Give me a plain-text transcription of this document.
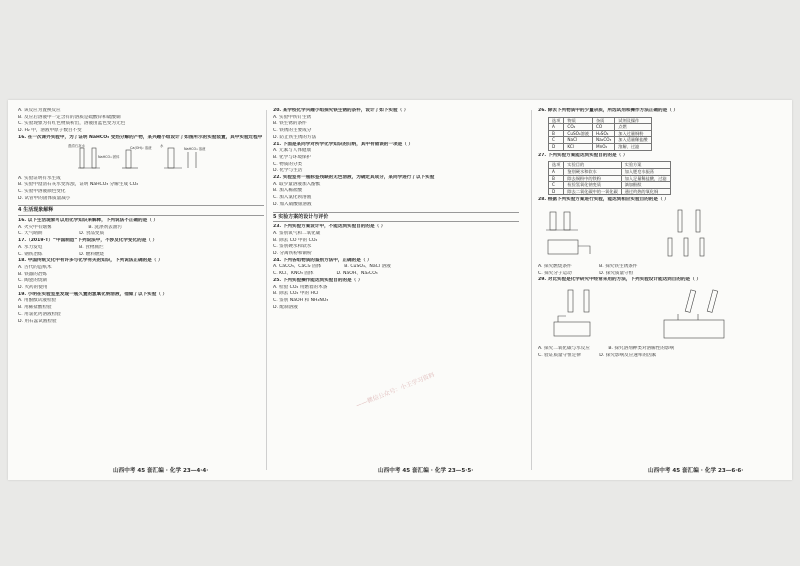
A. 该反应为置换反应
B. 反应后溶液中一定含有的溶质是硫酸锌和硫酸铜
C. 实验现象为有红色物质析出，溶液由蓝色变为无色
D. H₂ 中，溶液中原子数目不变
16. 在一次课外实验中，为了证明 NaHCO₃ 受热分解的产物，某兴趣小组设计了如图所示的实验装置，其中实验过程中
澄清石灰水
NaHCO₃ 固体
Ca(OH)₂ 溶液 水
NaHCO₃ 溶液
A. 实验证明有水生成
B. 实验中澄清石灰水变浑浊，证明 NaHCO₃ 分解生成 CO₂
C. 实验中溶液颜色变化
D. 试管中的固体质量减小
4 生活现象解释
16. 以下生活现象可以用化学知识来解释，下列说法不正确的是（ ）
A. 火灾中有烟雾　　　　　　　　	B. 洗涤剂去油污
C. 天气晴朗　　　　　　　　	D. 食品变质
17.（2019·T）“中国制造”下列说法中，不涉及化学变化的是（ ）
A. 水力发电　　　　　　　　	B. 食物腐烂
C. 钢铁冶炼　　　　　　　　	D. 燃料燃烧
18. 中国传统文化中有许多与化学有关的知识，下列说法正确的是（ ）
A. 古代的造纸术
B. 铁器的冶炼
C. 陶瓷的烧制
D. 火药的使用
19. 小明在实验室里发现一瓶久置的氢氧化钠溶液，他做了以下实验（ ）
A. 用酚酞试液检验
B. 用稀盐酸检验
C. 用氯化钙溶液检验
D. 用石蕊试液检验
20. 某学校化学兴趣小组探究铁生锈的条件，设计了如下实验（ ）
A. 实验中铁钉生锈
B. 铁生锈的条件
C. 铁锈的主要成分
D. 防止铁生锈的方法
21. 下面是某同学对所学化学知识的归纳，其中有错误的一项是（ ）
A. 元素与人体健康
B. 化学与环境保护
C. 物质的分类
D. 化学与生活
22. 实验室有一瓶标签残缺的无色溶液，为确定其成分，某同学进行了以下实验
A. 取少量溶液加入酚酞
B. 加入稀盐酸
C. 加入氯化钡溶液
D. 加入硝酸银溶液
5 实验方案的设计与评价
23. 下列实验方案设计中，不能达到实验目的的是（ ）
A. 鉴别氧气和二氧化碳
B. 除去 CO 中的 CO₂
C. 鉴别硬水和软水
D. 分离铁粉和铜粉
24. 下列各组物质的鉴别方法中，正确的是（ ）
A. CaCO₃、CaCl₂ 固体　　　　　	B. CuSO₄、NaCl 溶液
C. KCl、KNO₃ 固体　　　　　	D. NaOH、Na₂CO₃
25. 下列实验操作能达到实验目的的是（ ）
A. 检验 CO₂ 用燃着的木条
B. 除去 CO₂ 中的 HCl
C. 鉴别 NaOH 和 NH₄NO₃
D. 配制溶液
26. 除去下列物质中的少量杂质，所选试剂和操作方法正确的是（ ）
选项	物质	杂质	试剂及操作
A	CO₂	CO	点燃
B	CuSO₄溶液	H₂SO₄	加入过量铜粉
C	NaCl	Na₂CO₃	加入适量稀盐酸
D	KCl	MnO₂	溶解、过滤
27. 下列实验方案能达到实验目的的是（ ）
选项	实验目的	实验方案
A	鉴别硬水和软水	加入肥皂水振荡
B	除去铜粉中的铁粉	加入足量稀盐酸，过滤
C	检验氢氧化钠变质	滴加酚酞
D	除去二氧化碳中的一氧化碳	通过灼热的氧化铜
28. 根据下列实验方案进行实验，能达到相应实验目的的是（ ）
A. 探究燃烧条件　　　　　　	B. 探究铁生锈条件
C. 探究分子运动　　　　　　	D. 探究质量守恒
29. 对比实验是化学研究中经常采用的方法，下列实验设计能达到目的的是（ ）
A. 探究二氧化碳与水反应　　　　	B. 探究溶剂种类对溶解性的影响
C. 验证质量守恒定律　　　　	D. 探究影响反应速率的因素
山西中考 45 套汇编 · 化学 23—4·4·	山西中考 45 套汇编 · 化学 23—5·5·	山西中考 45 套汇编 · 化学 23—6·6·
——微信公众号：小王学习资料
